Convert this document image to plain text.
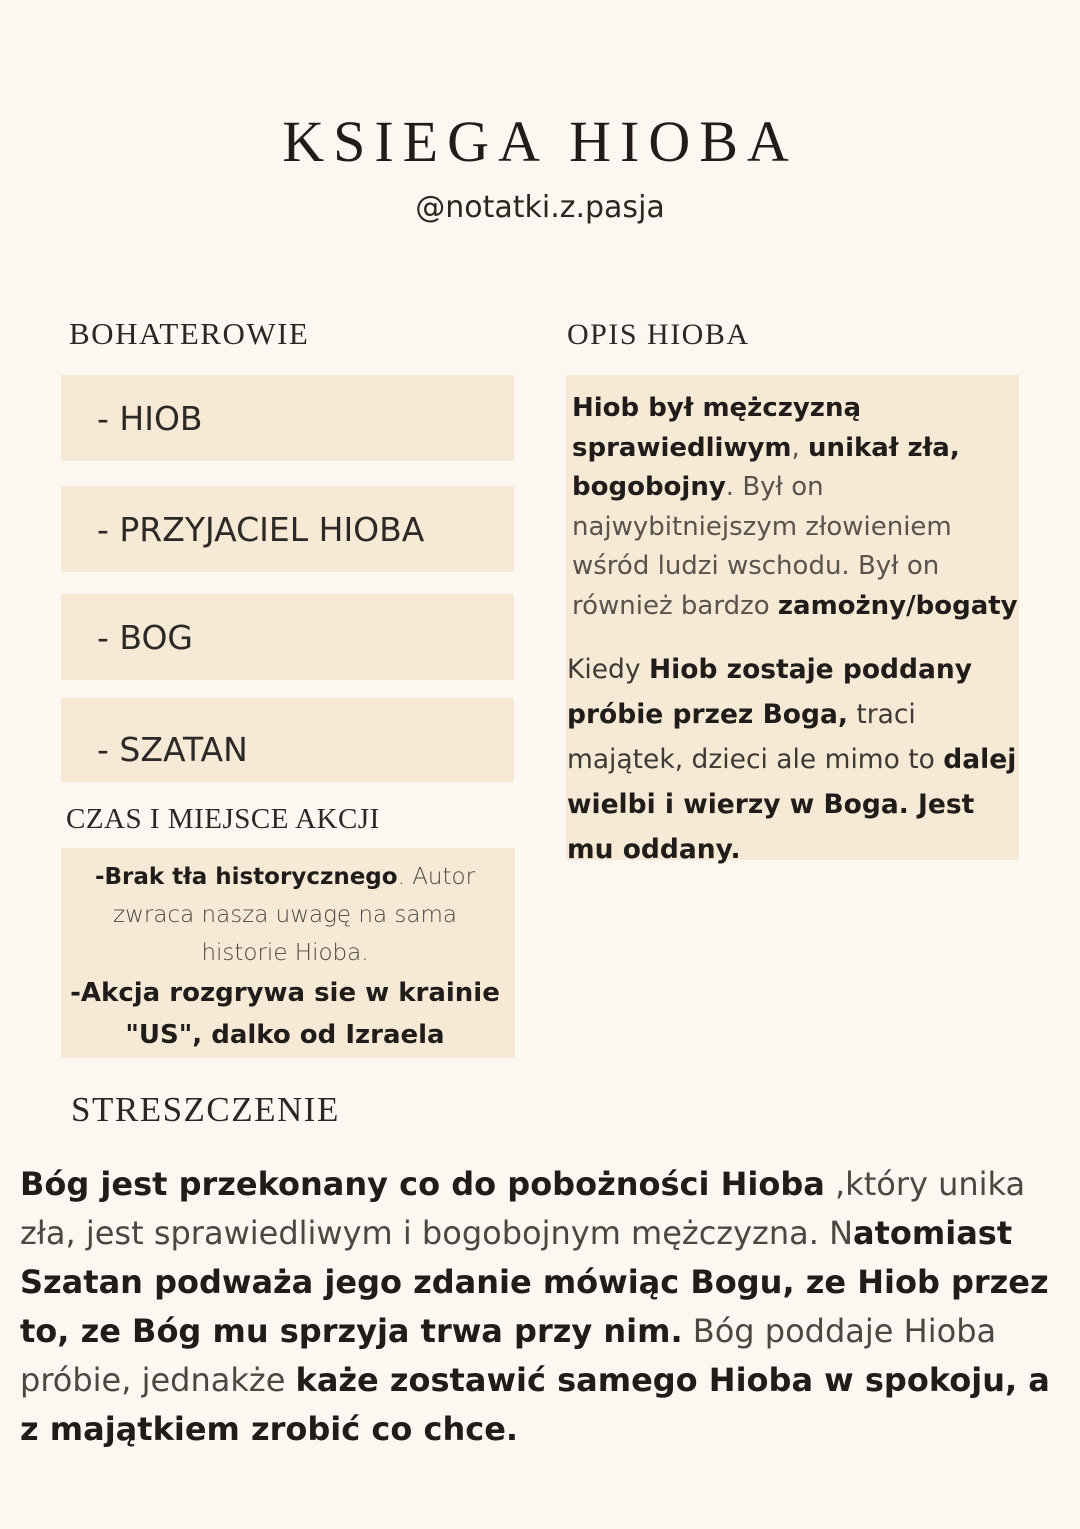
KSIEGA HIOBA
@notatki.z.pasja
BOHATEROWIE
- HIOB
- PRZYJACIEL HIOBA
- BOG
- SZATAN
CZAS I MIEJSCE AKCJI
-Brak tła historycznego. Autor zwraca nasza uwagę na sama historie Hioba.
-Akcja rozgrywa sie w krainie "US", dalko od Izraela
OPIS HIOBA

Hiob był mężczyzną sprawiedliwym, unikał zła, bogobojny. Był on najwybitniejszym złowieniem wśród ludzi wschodu. Był on również bardzo zamożny/bogaty

Kiedy Hiob zostaje poddany próbie przez Boga, traci majątek, dzieci ale mimo to dalej wielbi i wierzy w Boga. Jest mu oddany.

STRESZCZENIE

Bóg jest przekonany co do pobożności Hioba ,który unika zła, jest sprawiedliwym i bogobojnym mężczyzna. Natomiast Szatan podważa jego zdanie mówiąc Bogu, ze Hiob przez to, ze Bóg mu sprzyja trwa przy nim. Bóg poddaje Hioba próbie, jednakże każe zostawić samego Hioba w spokoju, a z majątkiem zrobić co chce.
